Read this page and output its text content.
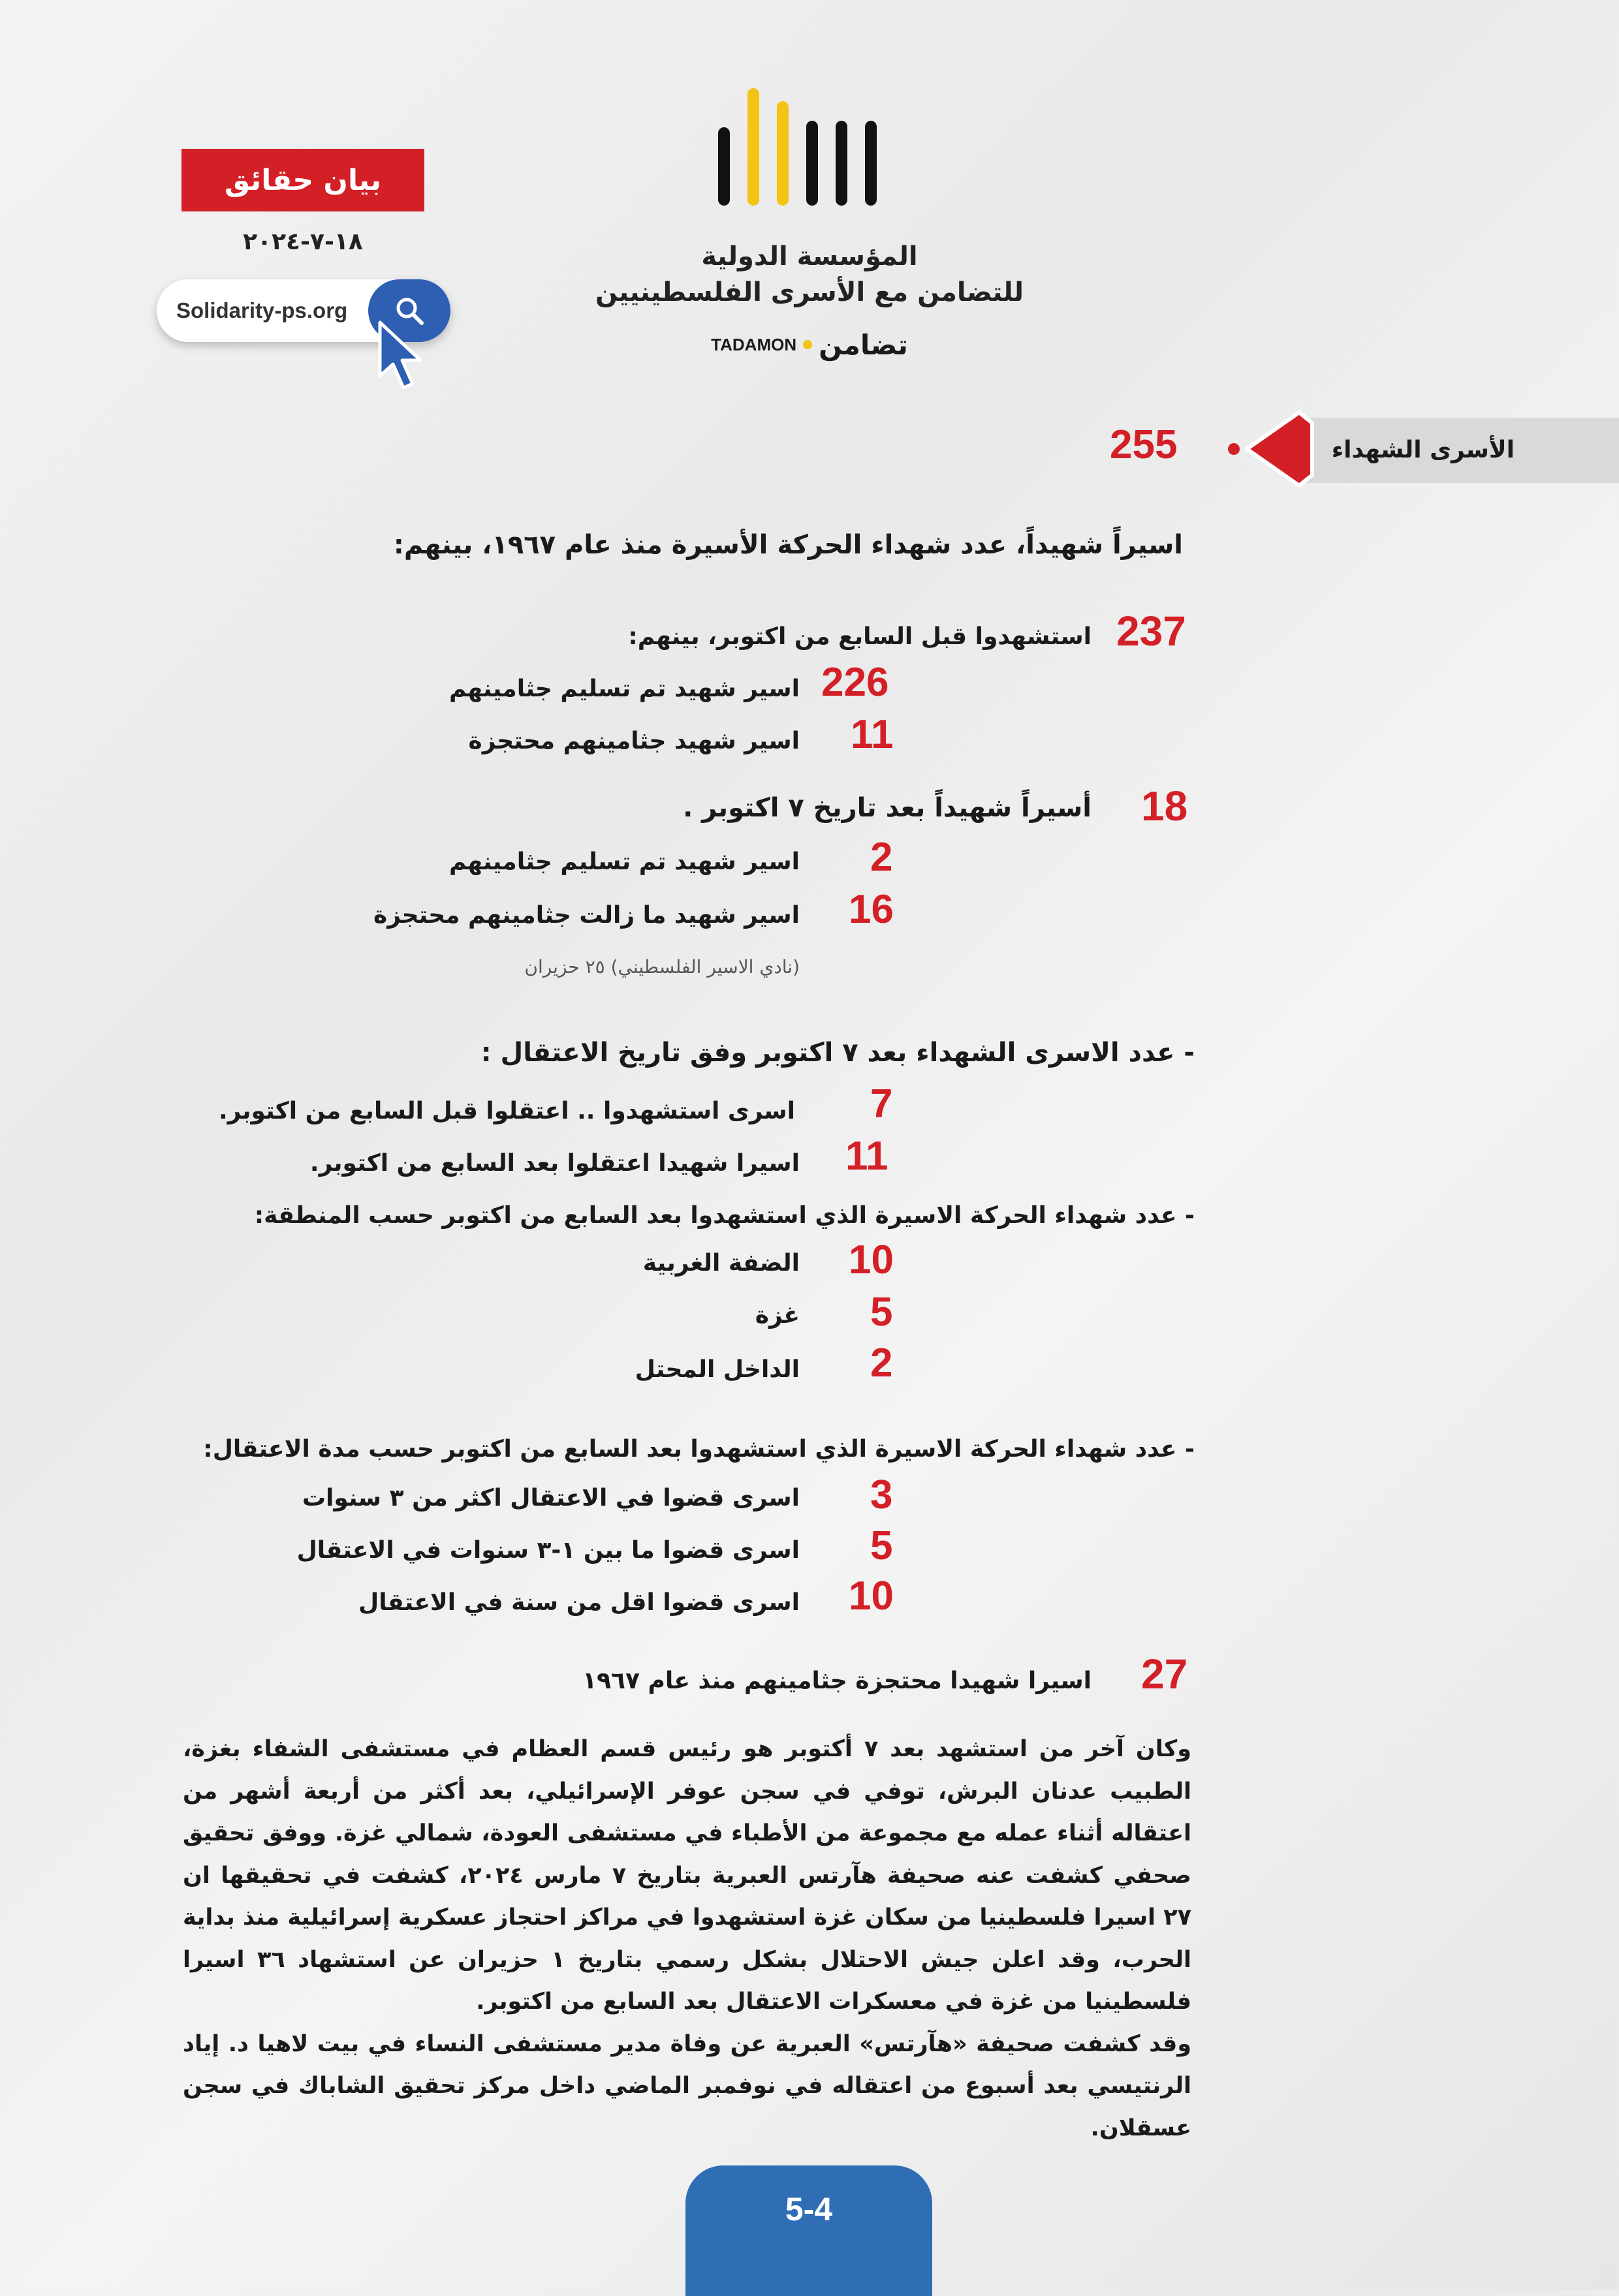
بيان حقائق
١٨-٧-٢٠٢٤
Solidarity-ps.org
المؤسسة الدولية
للتضامن مع الأسرى الفلسطينيين
TADAMON تضامن
الأسرى الشهداء
255
اسيراً شهيداً، عدد شهداء الحركة الأسيرة منذ عام ١٩٦٧، بينهم:
237
استشهدوا قبل السابع من اكتوبر، بينهم:
226
اسير شهيد تم تسليم جثامينهم
11
اسير شهيد جثامينهم محتجزة
18
أسيراً شهيداً بعد تاريخ ٧ اكتوبر .
2
اسير شهيد تم تسليم جثامينهم
16
اسير شهيد ما زالت جثامينهم محتجزة
(نادي الاسير الفلسطيني) ٢٥ حزيران
- عدد الاسرى الشهداء بعد ٧ اكتوبر وفق تاريخ الاعتقال :
7
اسرى استشهدوا .. اعتقلوا قبل السابع من اكتوبر.
11
اسيرا شهيدا اعتقلوا بعد السابع من اكتوبر.
- عدد شهداء الحركة الاسيرة الذي استشهدوا بعد السابع من اكتوبر حسب المنطقة:
10
الضفة الغربية
5
غزة
2
الداخل المحتل
- عدد شهداء الحركة الاسيرة الذي استشهدوا بعد السابع من اكتوبر حسب مدة الاعتقال:
3
اسرى قضوا في الاعتقال اكثر من ٣ سنوات
5
اسرى قضوا ما بين ١-٣ سنوات في الاعتقال
10
اسرى قضوا اقل من سنة في الاعتقال
27
اسيرا شهيدا محتجزة جثامينهم منذ عام ١٩٦٧

وكان آخر من استشهد بعد ٧ أكتوبر هو رئيس قسم العظام في مستشفى الشفاء بغزة، الطبيب عدنان البرش، توفي في سجن عوفر الإسرائيلي، بعد أكثر من أربعة أشهر من اعتقاله أثناء عمله مع مجموعة من الأطباء في مستشفى العودة، شمالي غزة. ووفق تحقيق صحفي كشفت عنه صحيفة هآرتس العبرية بتاريخ ٧ مارس ٢٠٢٤، كشفت في تحقيقها ان ٢٧ اسيرا فلسطينيا من سكان غزة استشهدوا في مراكز احتجاز عسكرية إسرائيلية منذ بداية الحرب، وقد اعلن جيش الاحتلال بشكل رسمي بتاريخ ١ حزيران عن استشهاد ٣٦ اسيرا فلسطينيا من غزة في معسكرات الاعتقال بعد السابع من اكتوبر.

وقد كشفت صحيفة «هآرتس» العبرية عن وفاة مدير مستشفى النساء في بيت لاهيا د. إياد الرنتيسي بعد أسبوع من اعتقاله في نوفمبر الماضي داخل مركز تحقيق الشاباك في سجن عسقلان.

5-4
